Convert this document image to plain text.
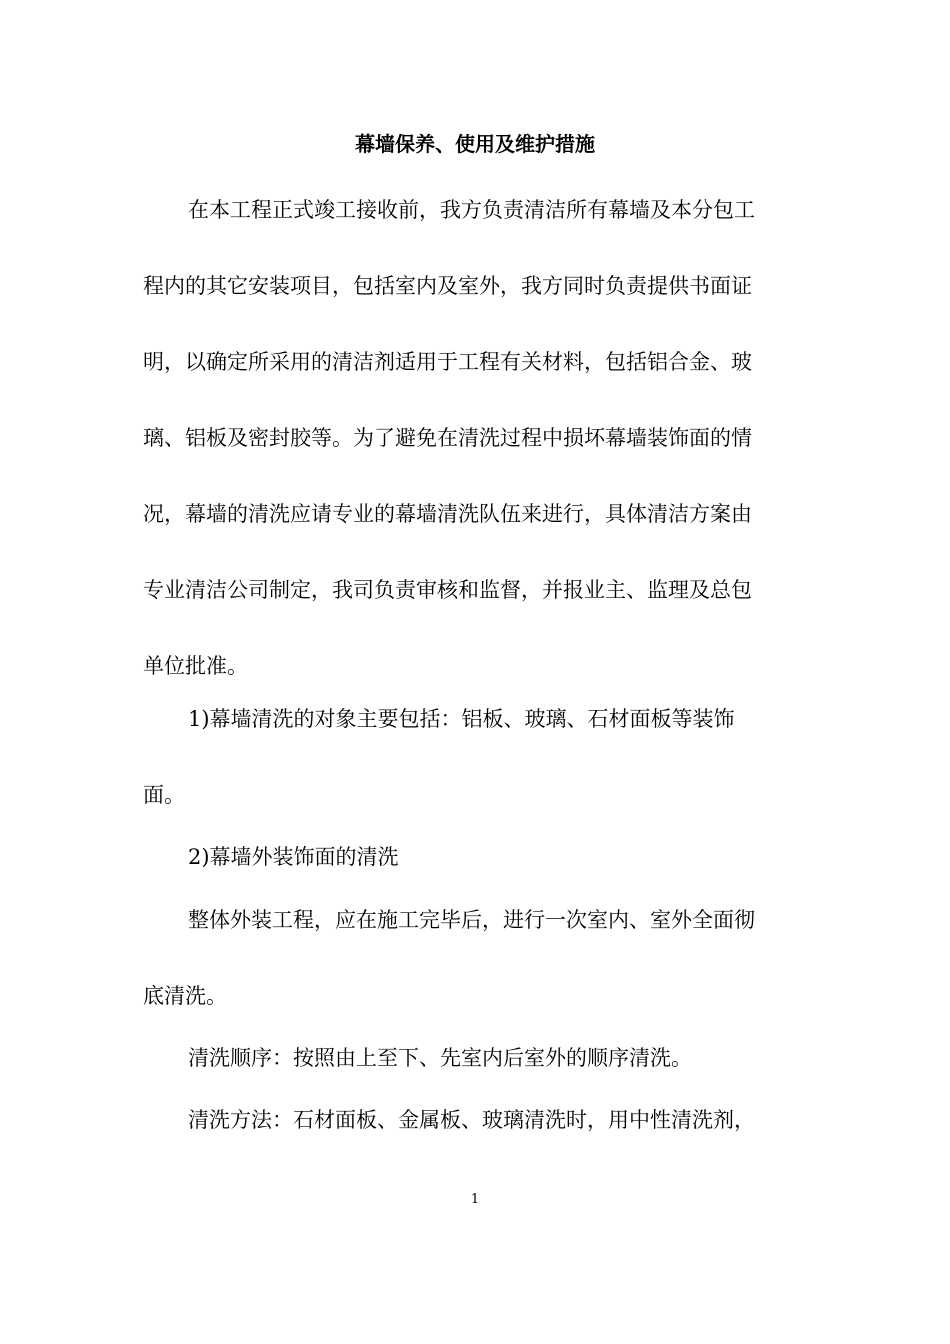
幕墙保养、使用及维护措施

在本工程正式竣工接收前，我方负责清洁所有幕墙及本分包工

程内的其它安装项目，包括室内及室外，我方同时负责提供书面证

明，以确定所采用的清洁剂适用于工程有关材料，包括铝合金、玻

璃、铝板及密封胶等。为了避免在清洗过程中损坏幕墙装饰面的情

况，幕墙的清洗应请专业的幕墙清洗队伍来进行，具体清洁方案由

专业清洁公司制定，我司负责审核和监督，并报业主、监理及总包

单位批准。

1)幕墙清洗的对象主要包括：铝板、玻璃、石材面板等装饰

面。

2)幕墙外装饰面的清洗

整体外装工程，应在施工完毕后，进行一次室内、室外全面彻

底清洗。

清洗顺序：按照由上至下、先室内后室外的顺序清洗。

清洗方法：石材面板、金属板、玻璃清洗时，用中性清洗剂，

1
